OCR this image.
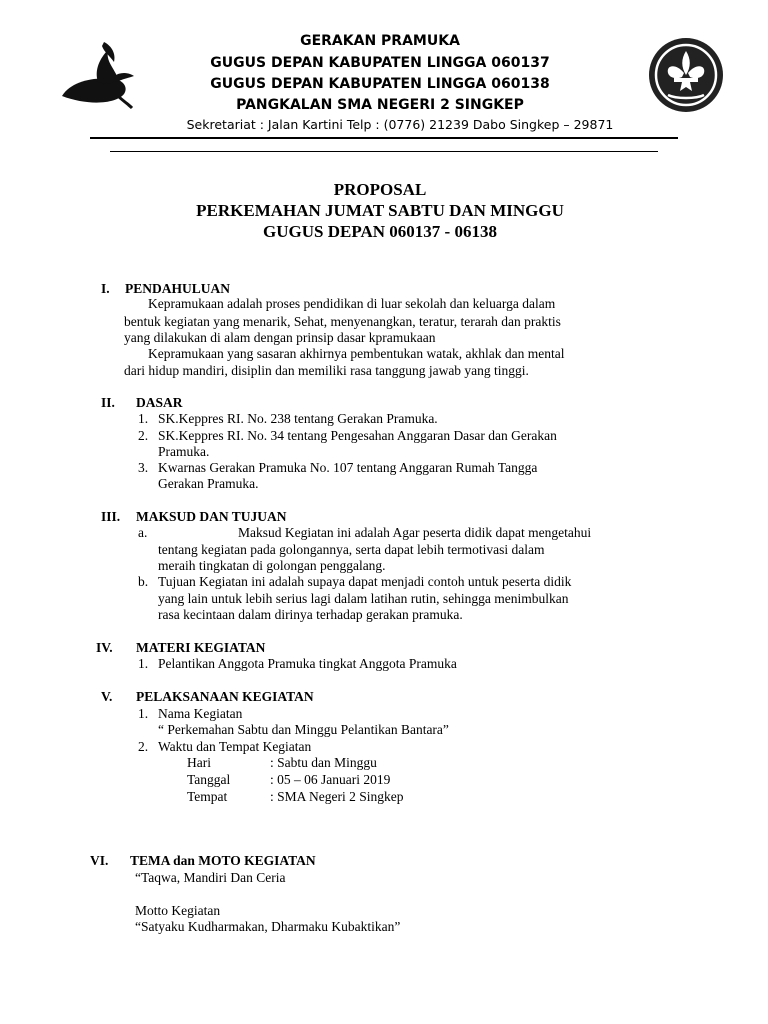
GERAKAN PRAMUKA
GUGUS DEPAN KABUPATEN LINGGA 060137
GUGUS DEPAN KABUPATEN LINGGA 060138
PANGKALAN SMA NEGERI 2 SINGKEP
Sekretariat : Jalan Kartini Telp : (0776) 21239 Dabo Singkep – 29871
PROPOSAL
PERKEMAHAN JUMAT SABTU DAN MINGGU
GUGUS DEPAN 060137 - 06138
I. PENDAHULUAN
Kepramukaan adalah proses pendidikan di luar sekolah dan keluarga dalam
bentuk kegiatan yang menarik, Sehat, menyenangkan, teratur, terarah dan praktis
yang dilakukan di alam dengan prinsip dasar kpramukaan
Kepramukaan yang sasaran akhirnya pembentukan watak, akhlak dan mental
dari hidup mandiri, disiplin dan memiliki rasa tanggung jawab yang tinggi.
II. DASAR
1. SK.Keppres RI. No. 238 tentang Gerakan Pramuka.
2. SK.Keppres RI. No. 34 tentang Pengesahan Anggaran Dasar dan Gerakan
Pramuka.
3. Kwarnas Gerakan Pramuka No. 107 tentang Anggaran Rumah Tangga
Gerakan Pramuka.
III. MAKSUD DAN TUJUAN
a.	Maksud Kegiatan ini adalah Agar peserta didik dapat mengetahui
tentang kegiatan pada golongannya, serta dapat lebih termotivasi dalam
meraih tingkatan di golongan penggalang.
b. Tujuan Kegiatan ini adalah supaya dapat menjadi contoh untuk peserta didik
yang lain untuk lebih serius lagi dalam latihan rutin, sehingga menimbulkan
rasa kecintaan dalam dirinya terhadap gerakan pramuka.
IV. MATERI KEGIATAN
1. Pelantikan Anggota Pramuka tingkat Anggota Pramuka
V. PELAKSANAAN KEGIATAN
1. Nama Kegiatan
“ Perkemahan Sabtu dan Minggu Pelantikan Bantara”
2. Waktu dan Tempat Kegiatan
Hari	: Sabtu dan Minggu
Tanggal	: 05 – 06 Januari 2019
Tempat	: SMA Negeri 2 Singkep
VI. TEMA dan MOTO KEGIATAN
“Taqwa, Mandiri Dan Ceria
Motto Kegiatan
“Satyaku Kudharmakan, Dharmaku Kubaktikan”
